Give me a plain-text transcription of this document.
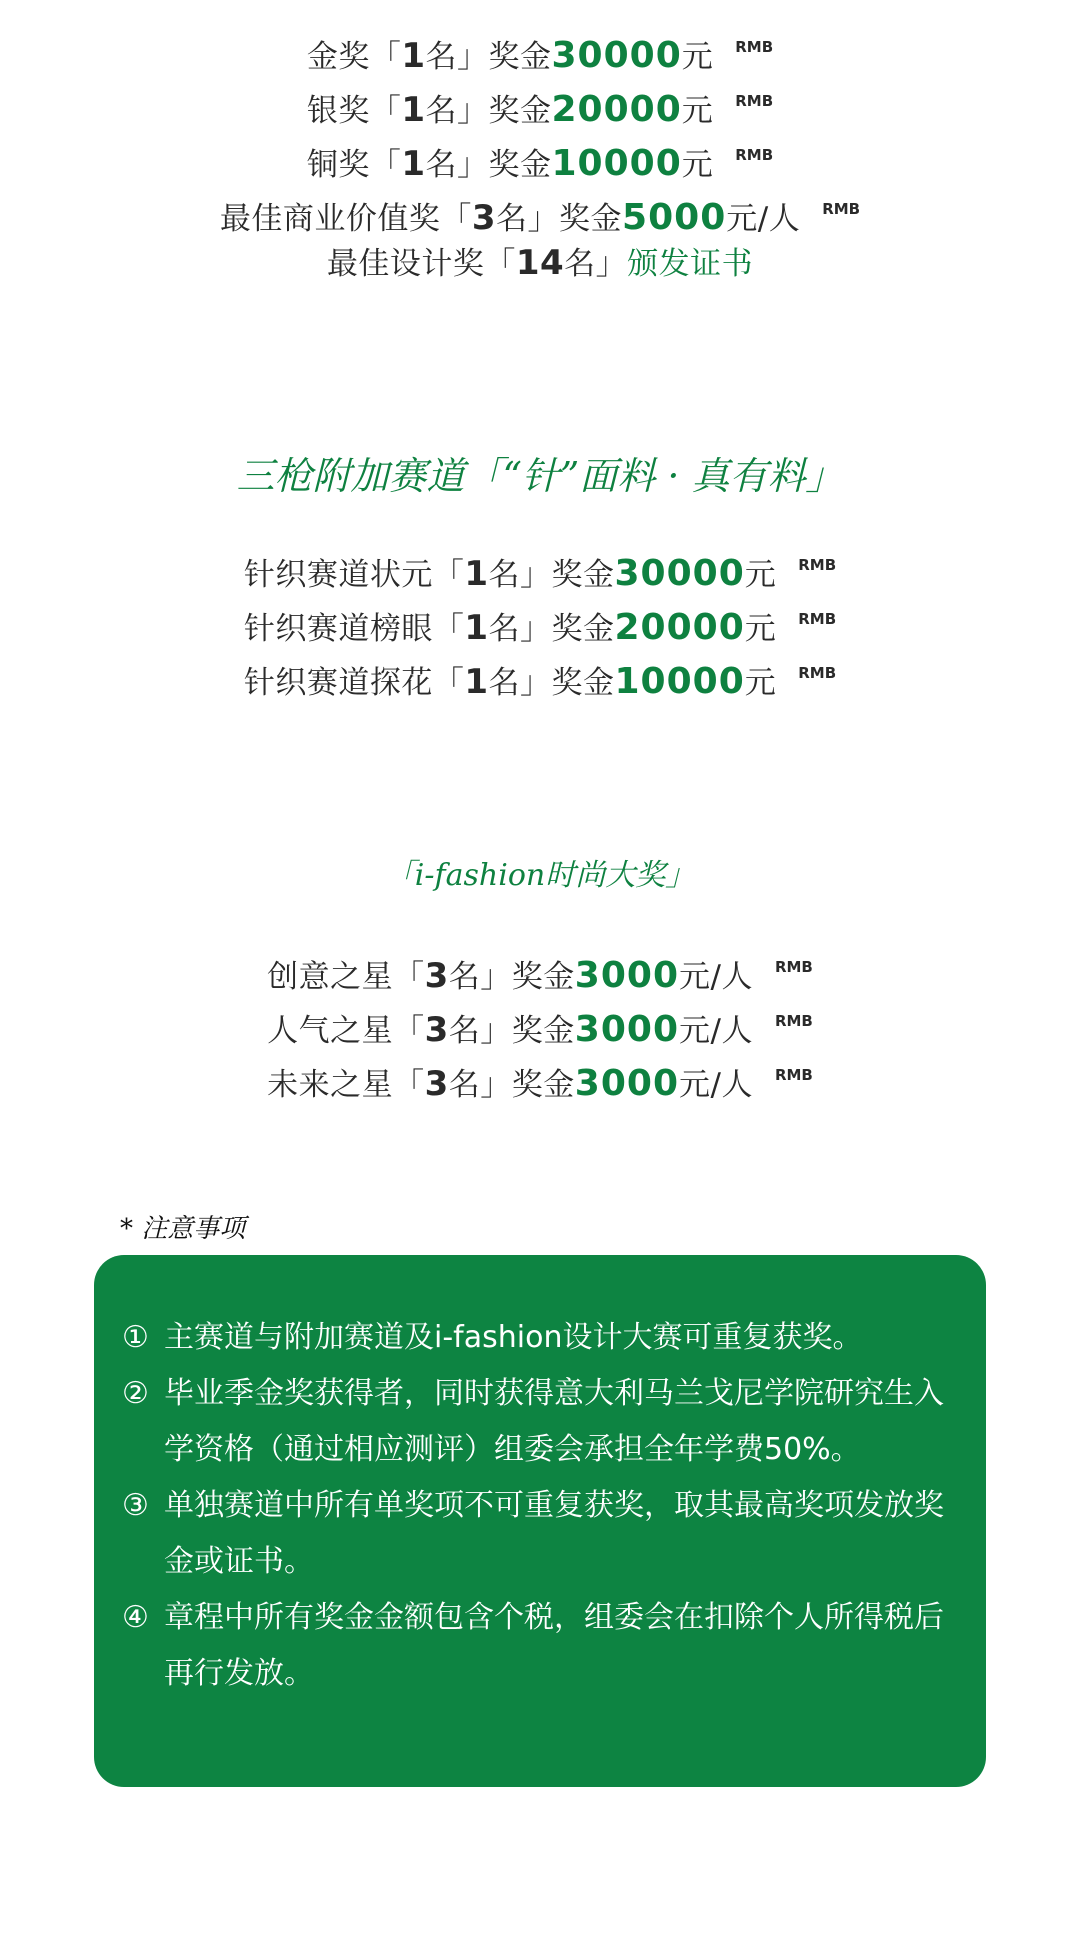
金奖「1名」奖金30000元 $^{RMB}$
银奖「1名」奖金20000元 $^{RMB}$
铜奖「1名」奖金10000元 $^{RMB}$
最佳商业价值奖「3名」奖金5000元/人 $^{RMB}$
最佳设计奖「14名」颁发证书
三枪附加赛道「“针”面料 · 真有料」
针织赛道状元「1名」奖金30000元 $^{RMB}$
针织赛道榜眼「1名」奖金20000元 $^{RMB}$
针织赛道探花「1名」奖金10000元 $^{RMB}$
「i-fashion时尚大奖」
创意之星「3名」奖金3000元/人 $^{RMB}$
人气之星「3名」奖金3000元/人 $^{RMB}$
未来之星「3名」奖金3000元/人 $^{RMB}$
* 注意事项
① 主赛道与附加赛道及i-fashion设计大赛可重复获奖。
② 毕业季金奖获得者，同时获得意大利马兰戈尼学院研究生入学资格（通过相应测评）组委会承担全年学费50%。
③ 单独赛道中所有单奖项不可重复获奖，取其最高奖项发放奖金或证书。
④ 章程中所有奖金金额包含个税，组委会在扣除个人所得税后再行发放。
